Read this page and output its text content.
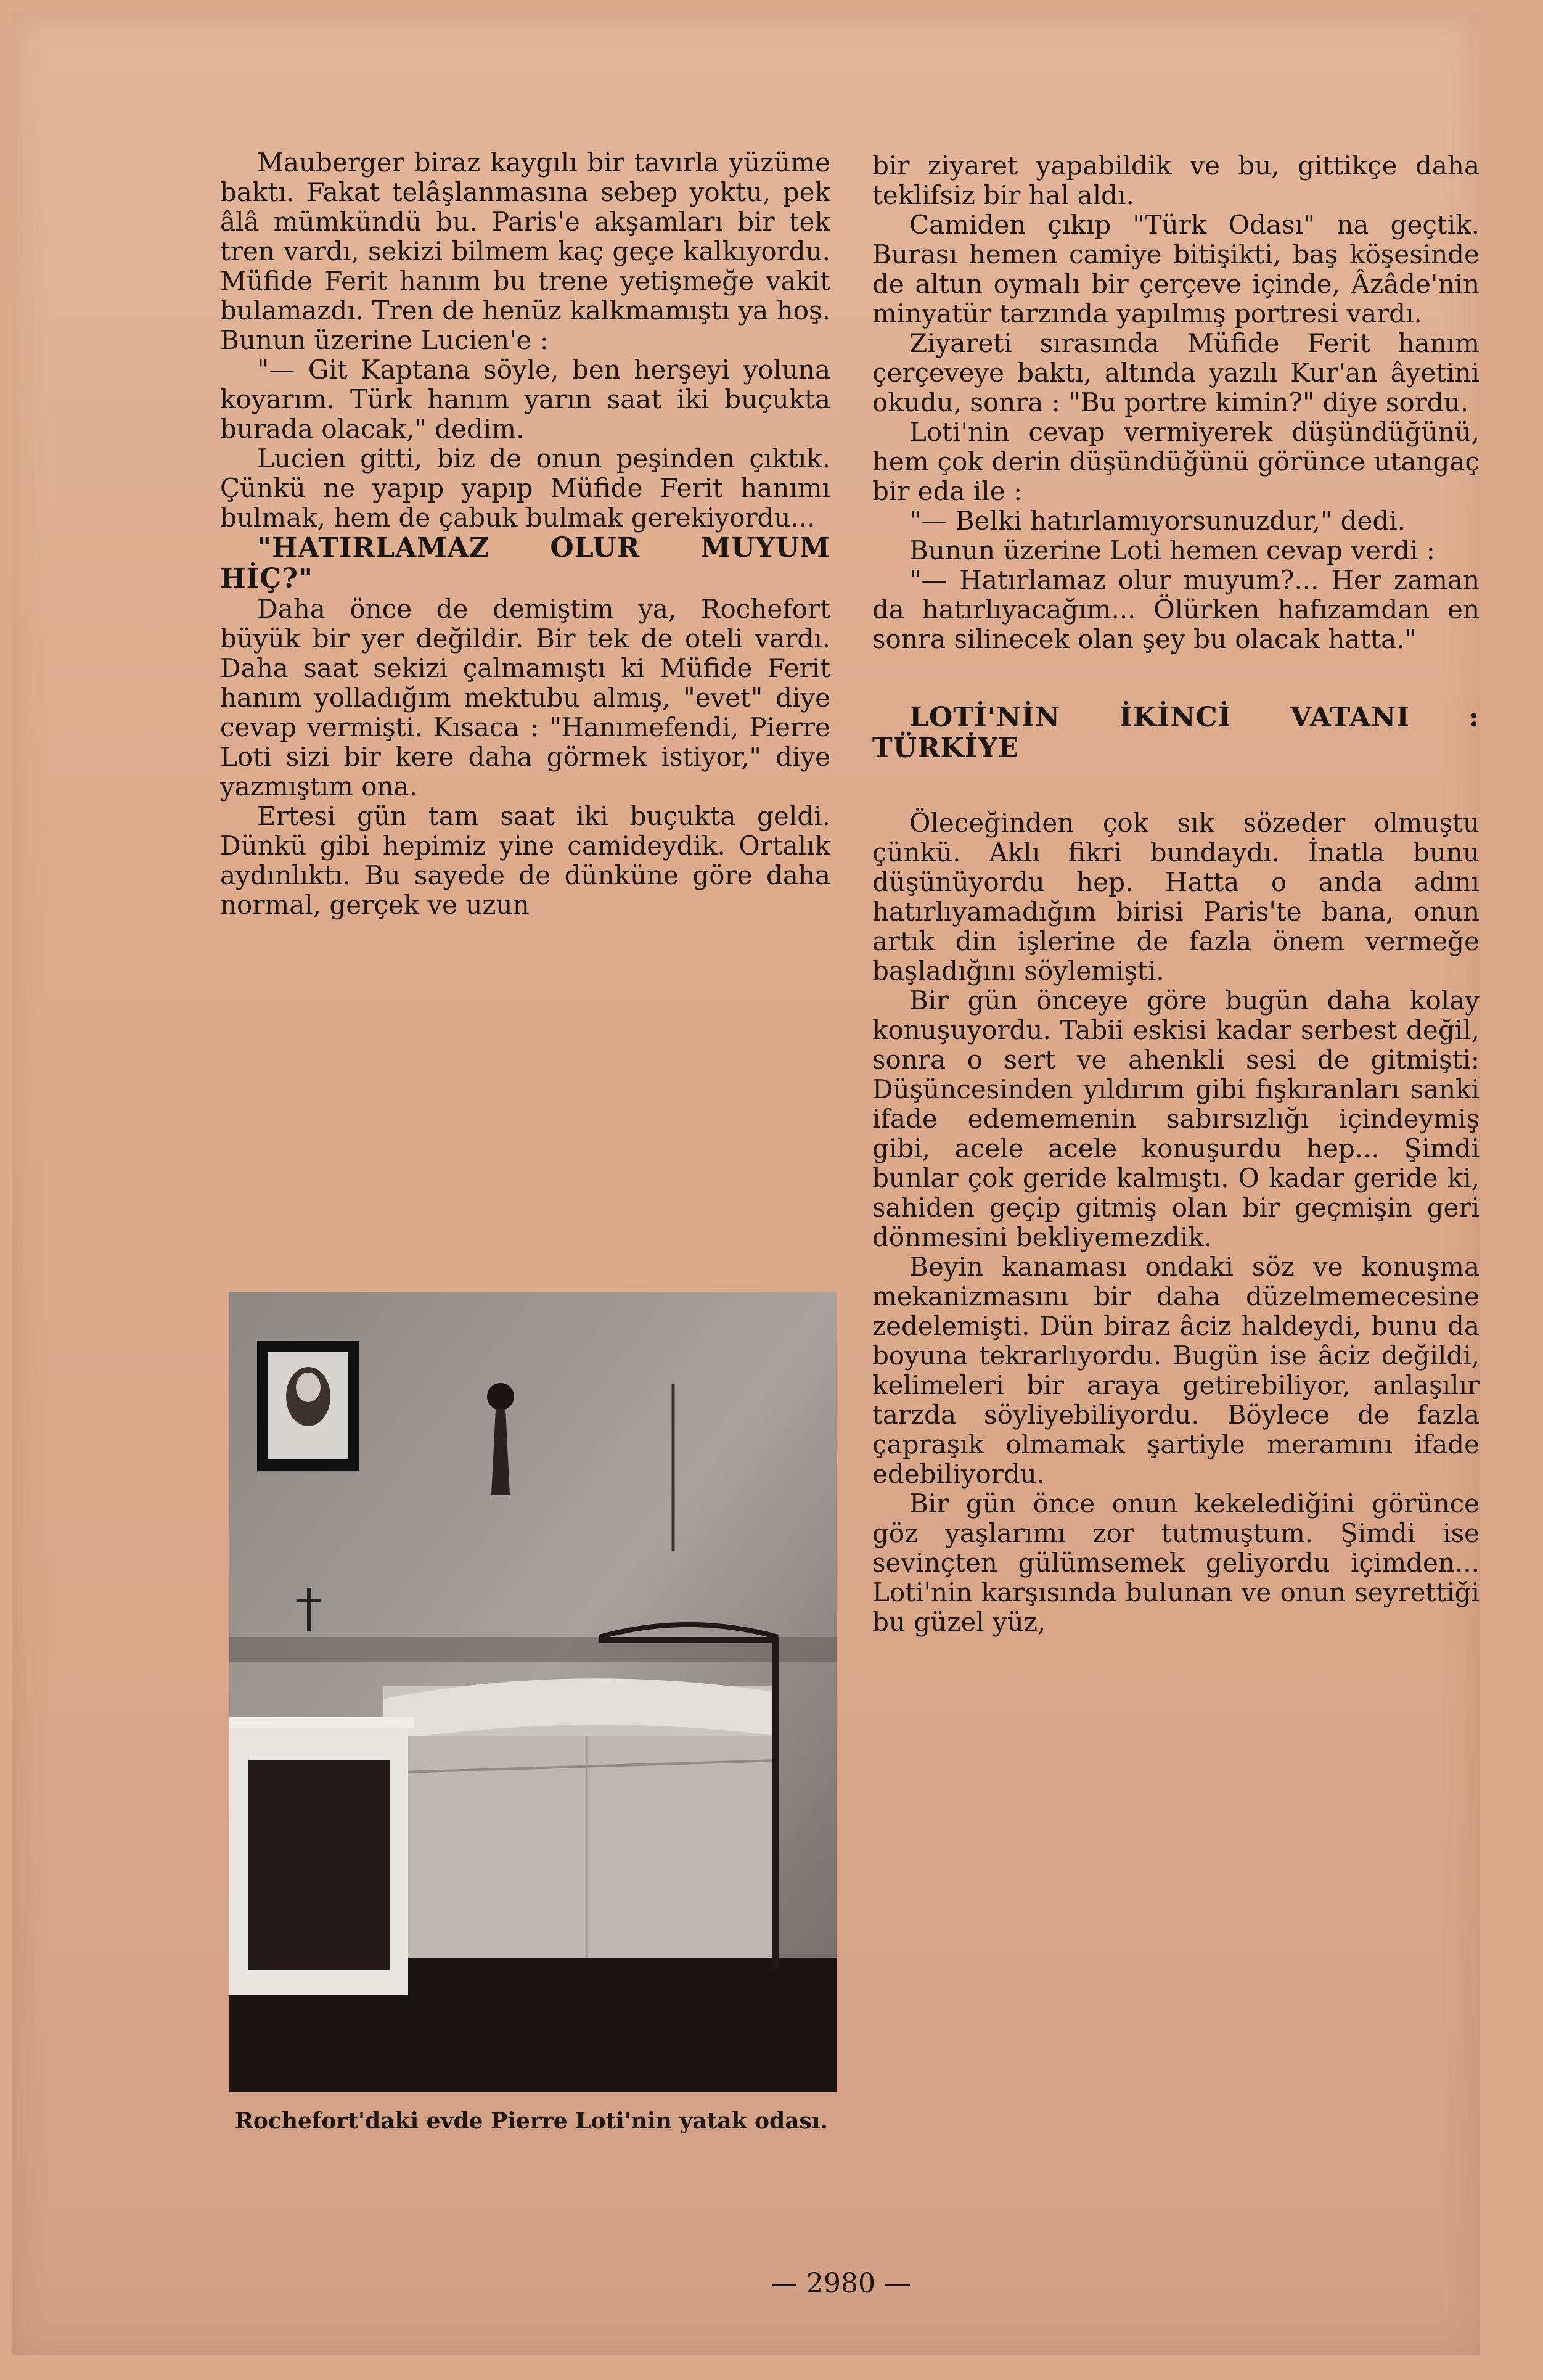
Mauberger biraz kaygılı bir tavırla yüzüme baktı. Fakat telâşlanmasına sebep yoktu, pek âlâ mümkündü bu. Paris'e akşamları bir tek tren vardı, sekizi bilmem kaç geçe kalkıyordu. Müfide Ferit hanım bu trene yetişmeğe vakit bulamazdı. Tren de henüz kalkmamıştı ya hoş. Bunun üzerine Lucien'e :

"— Git Kaptana söyle, ben herşeyi yoluna koyarım. Türk hanım yarın saat iki buçukta burada olacak," dedim.

Lucien gitti, biz de onun peşinden çıktık. Çünkü ne yapıp yapıp Müfide Ferit hanımı bulmak, hem de çabuk bulmak gerekiyordu...

"HATIRLAMAZ OLUR MUYUM HİÇ?"

Daha önce de demiştim ya, Rochefort büyük bir yer değildir. Bir tek de oteli vardı. Daha saat sekizi çalmamıştı ki Müfide Ferit hanım yolladığım mektubu almış, "evet" diye cevap vermişti. Kısaca : "Hanımefendi, Pierre Loti sizi bir kere daha görmek istiyor," diye yazmıştım ona.

Ertesi gün tam saat iki buçukta geldi. Dünkü gibi hepimiz yine camideydik. Ortalık aydınlıktı. Bu sayede de dünküne göre daha normal, gerçek ve uzun

Rochefort'daki evde Pierre Loti'nin yatak odası.

bir ziyaret yapabildik ve bu, gittikçe daha teklifsiz bir hal aldı.

Camiden çıkıp "Türk Odası" na geçtik. Burası hemen camiye bitişikti, baş köşesinde de altun oymalı bir çerçeve içinde, Âzâde'nin minyatür tarzında yapılmış portresi vardı.

Ziyareti sırasında Müfide Ferit hanım çerçeveye baktı, altında yazılı Kur'an âyetini okudu, sonra : "Bu portre kimin?" diye sordu.

Loti'nin cevap vermiyerek düşündüğünü, hem çok derin düşündüğünü görünce utangaç bir eda ile :

"— Belki hatırlamıyorsunuzdur," dedi.

Bunun üzerine Loti hemen cevap verdi :

"— Hatırlamaz olur muyum?... Her zaman da hatırlıyacağım... Ölürken hafızamdan en sonra silinecek olan şey bu olacak hatta."

LOTİ'NİN İKİNCİ VATANI : TÜRKİYE

Öleceğinden çok sık sözeder olmuştu çünkü. Aklı fikri bundaydı. İnatla bunu düşünüyordu hep. Hatta o anda adını hatırlıyamadığım birisi Paris'te bana, onun artık din işlerine de fazla önem vermeğe başladığını söylemişti.

Bir gün önceye göre bugün daha kolay konuşuyordu. Tabii eskisi kadar serbest değil, sonra o sert ve ahenkli sesi de gitmişti: Düşüncesinden yıldırım gibi fışkıranları sanki ifade edememenin sabırsızlığı içindeymiş gibi, acele acele konuşurdu hep... Şimdi bunlar çok geride kalmıştı. O kadar geride ki, sahiden geçip gitmiş olan bir geçmişin geri dönmesini bekliyemezdik.

Beyin kanaması ondaki söz ve konuşma mekanizmasını bir daha düzelmemecesine zedelemişti. Dün biraz âciz haldeydi, bunu da boyuna tekrarlıyordu. Bugün ise âciz değildi, kelimeleri bir araya getirebiliyor, anlaşılır tarzda söyliyebiliyordu. Böylece de fazla çapraşık olmamak şartiyle meramını ifade edebiliyordu.

Bir gün önce onun kekelediğini görünce göz yaşlarımı zor tutmuştum. Şimdi ise sevinçten gülümsemek geliyordu içimden... Loti'nin karşısında bulunan ve onun seyrettiği bu güzel yüz,

— 2980 —
